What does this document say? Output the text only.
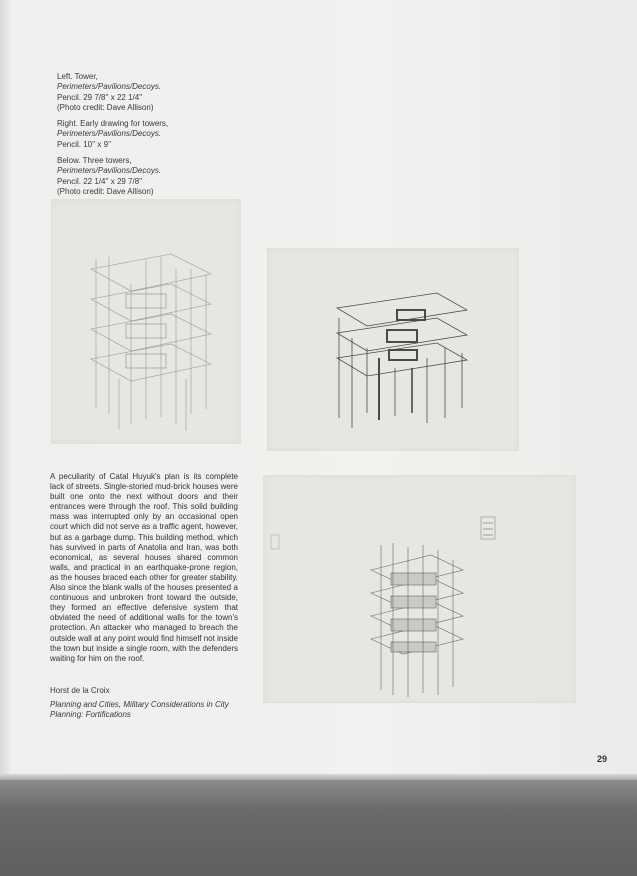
Left. Tower,
Perimeters/Pavilions/Decoys.
Pencil. 29 7/8'' x 22 1/4''
(Photo credit: Dave Allison)
Right. Early drawing for towers,
Perimeters/Pavilions/Decoys.
Pencil. 10'' x 9''
Below. Three towers,
Perimeters/Pavilions/Decoys.
Pencil. 22 1/4'' x 29 7/8''
(Photo credit: Dave Allison)

A peculiarity of Catal Huyuk's plan is its complete lack of streets. Single-storied mud-brick houses were built one onto the next without doors and their entrances were through the roof. This solid building mass was interrupted only by an occasional open court which did not serve as a traffic agent, however, but as a garbage dump. This building method, which has survived in parts of Anatolia and Iran, was both economical, as several houses shared common walls, and practical in an earthquake-prone region, as the houses braced each other for greater stability. Also since the blank walls of the houses presented a continuous and unbroken front toward the outside, they formed an effective defensive system that obviated the need of additional walls for the town's protection. An attacker who managed to breach the outside wall at any point would find himself not inside the town but inside a single room, with the defenders waiting for him on the roof.

Horst de la Croix
Planning and Cities, Military Considerations in City
Planning: Fortifications
29
